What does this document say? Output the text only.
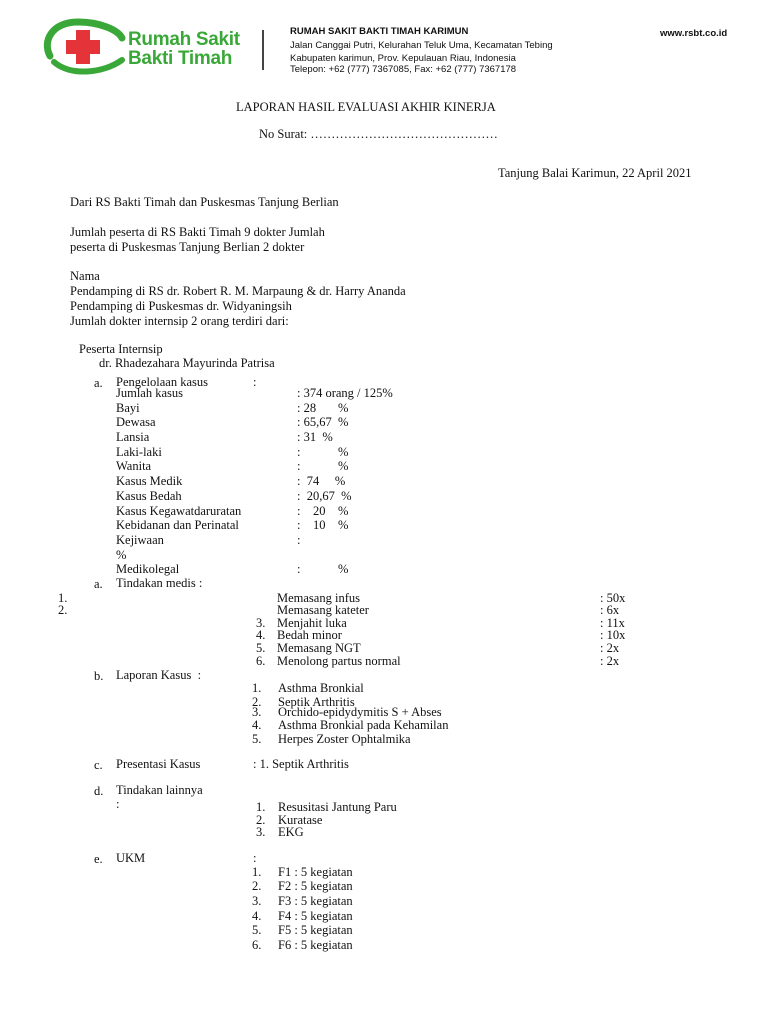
Rumah Sakit
Bakti Timah
RUMAH SAKIT BAKTI TIMAH KARIMUN
Jalan Canggai Putri, Kelurahan Teluk Uma, Kecamatan Tebing
Kabupaten karimun, Prov. Kepulauan Riau, Indonesia
Telepon: +62 (777) 7367085, Fax: +62 (777) 7367178
www.rsbt.co.id
LAPORAN HASIL EVALUASI AKHIR KINERJA
No Surat: ………………………………………
Tanjung Balai Karimun, 22 April 2021
Dari RS Bakti Timah dan Puskesmas Tanjung Berlian
Jumlah peserta di RS Bakti Timah 9 dokter Jumlah
peserta di Puskesmas Tanjung Berlian 2 dokter
Nama
Pendamping di RS dr. Robert R. M. Marpaung & dr. Harry Ananda
Pendamping di Puskesmas dr. Widyaningsih
Jumlah dokter internsip 2 orang terdiri dari:
Peserta Internsip
dr. Rhadezahara Mayurinda Patrisa
a. Pengelolaan kasus	:
Jumlah kasus	: 374 orang / 125%
Bayi	: 28       %
Dewasa	: 65,67  %
Lansia	: 31  %
Laki-laki	:            %
Wanita	:            %
Kasus Medik	:  74     %
Kasus Bedah	:  20,67  %
Kasus Kegawatdaruratan	:    20    %
Kebidanan dan Perinatal	:    10    %
Kejiwaan	:
%
Medikolegal	:            %
a. Tindakan medis :
1.	Memasang infus	: 50x
2.	Memasang kateter	: 6x
3. Menjahit luka	: 11x
4. Bedah minor	: 10x
5. Memasang NGT	: 2x
6. Menolong partus normal	: 2x
b. Laporan Kasus  :
1. Asthma Bronkial
2. Septik Arthritis
3. Orchido-epidydymitis S + Abses
4. Asthma Bronkial pada Kehamilan
5. Herpes Zoster Ophtalmika
c. Presentasi Kasus	: 1. Septik Arthritis
d. Tindakan lainnya
:	1. Resusitasi Jantung Paru
2. Kuratase
3. EKG
e. UKM	:
1. F1 : 5 kegiatan
2. F2 : 5 kegiatan
3. F3 : 5 kegiatan
4. F4 : 5 kegiatan
5. F5 : 5 kegiatan
6. F6 : 5 kegiatan
